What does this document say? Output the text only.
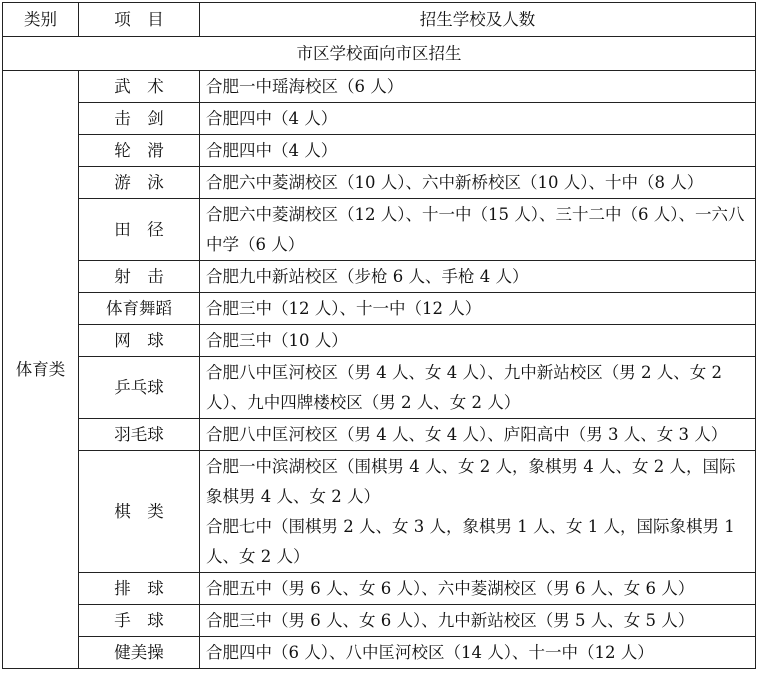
类别	项　目	招生学校及人数
市区学校面向市区招生		
体育类	武　术	合肥一中瑶海校区（6 人）

	击　剑	合肥四中（4 人）

	轮　滑	合肥四中（4 人）

	游　泳	合肥六中菱湖校区（10 人）、六中新桥校区（10 人）、十中（8 人）

	田　径	合肥六中菱湖校区（12 人）、十一中（15 人）、三十二中（6 人）、一六八中学（6 人）

	射　击	合肥九中新站校区（步枪 6 人、手枪 4 人）

	体育舞蹈	合肥三中（12 人）、十一中（12 人）

	网　球	合肥三中（10 人）

	乒乓球	合肥八中匡河校区（男 4 人、女 4 人）、九中新站校区（男 2 人、女 2 人）、九中四牌楼校区（男 2 人、女 2 人）

	羽毛球	合肥八中匡河校区（男 4 人、女 4 人）、庐阳高中（男 3 人、女 3 人）

	棋　类	合肥一中滨湖校区（围棋男 4 人、女 2 人，象棋男 4 人、女 2 人，国际象棋男 4 人、女 2 人）
合肥七中（围棋男 2 人、女 3 人，象棋男 1 人、女 1 人，国际象棋男 1 人、女 2 人）

	排　球	合肥五中（男 6 人、女 6 人）、六中菱湖校区（男 6 人、女 6 人）

	手　球	合肥三中（男 6 人、女 6 人）、九中新站校区（男 5 人、女 5 人）

	健美操	合肥四中（6 人）、八中匡河校区（14 人）、十一中（12 人）
